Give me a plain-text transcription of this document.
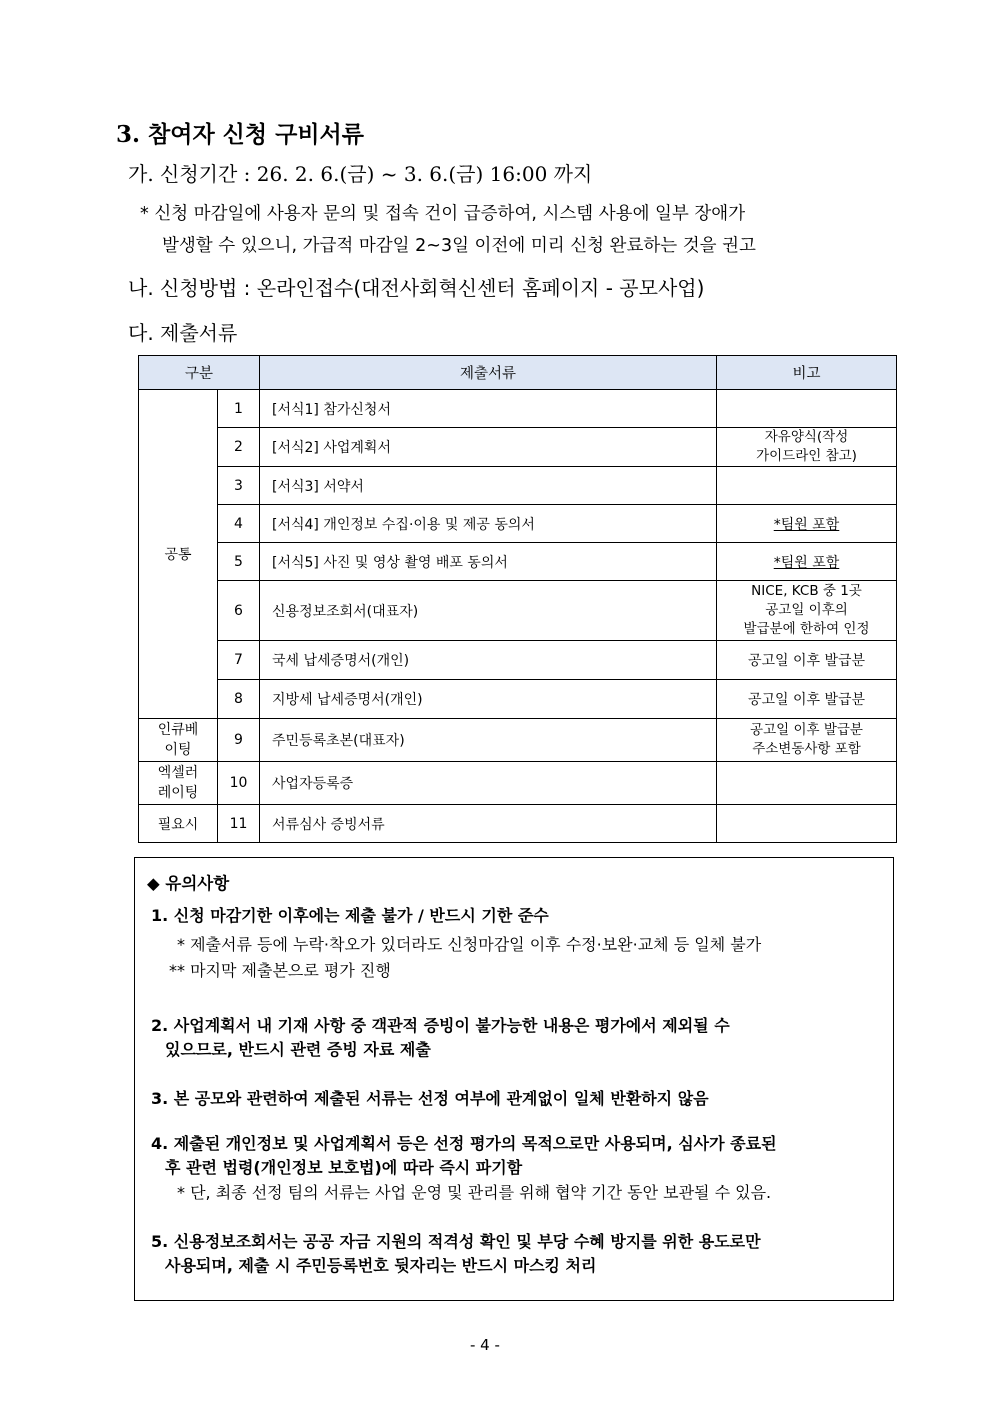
3. 참여자 신청 구비서류
가. 신청기간 : 26. 2. 6.(금) ~ 3. 6.(금) 16:00 까지
* 신청 마감일에 사용자 문의 및 접속 건이 급증하여, 시스템 사용에 일부 장애가
발생할 수 있으니, 가급적 마감일 2~3일 이전에 미리 신청 완료하는 것을 권고
나. 신청방법 : 온라인접수(대전사회혁신센터 홈페이지 - 공모사업)
다. 제출서류
구분		제출서류	비고
공통	1	[서식1] 참가신청서	
	2	[서식2] 사업계획서	자유양식(작성
가이드라인 참고)
	3	[서식3] 서약서	
	4	[서식4] 개인정보 수집·이용 및 제공 동의서	*팀원 포함
	5	[서식5] 사진 및 영상 촬영 배포 동의서	*팀원 포함
	6	신용정보조회서(대표자)	NICE, KCB 중 1곳
공고일 이후의
발급분에 한하여 인정
	7	국세 납세증명서(개인)	공고일 이후 발급분
	8	지방세 납세증명서(개인)	공고일 이후 발급분
인큐베
이팅	9	주민등록초본(대표자)	공고일 이후 발급분
주소변동사항 포함
엑셀러
레이팅	10	사업자등록증	
필요시	11	서류심사 증빙서류	
◆ 유의사항
1. 신청 마감기한 이후에는 제출 불가 / 반드시 기한 준수
* 제출서류 등에 누락·착오가 있더라도 신청마감일 이후 수정·보완·교체 등 일체 불가
** 마지막 제출본으로 평가 진행
2. 사업계획서 내 기재 사항 중 객관적 증빙이 불가능한 내용은 평가에서 제외될 수
있으므로, 반드시 관련 증빙 자료 제출
3. 본 공모와 관련하여 제출된 서류는 선정 여부에 관계없이 일체 반환하지 않음
4. 제출된 개인정보 및 사업계획서 등은 선정 평가의 목적으로만 사용되며, 심사가 종료된
후 관련 법령(개인정보 보호법)에 따라 즉시 파기함
* 단, 최종 선정 팀의 서류는 사업 운영 및 관리를 위해 협약 기간 동안 보관될 수 있음.
5. 신용정보조회서는 공공 자금 지원의 적격성 확인 및 부당 수혜 방지를 위한 용도로만
사용되며, 제출 시 주민등록번호 뒷자리는 반드시 마스킹 처리
- 4 -
